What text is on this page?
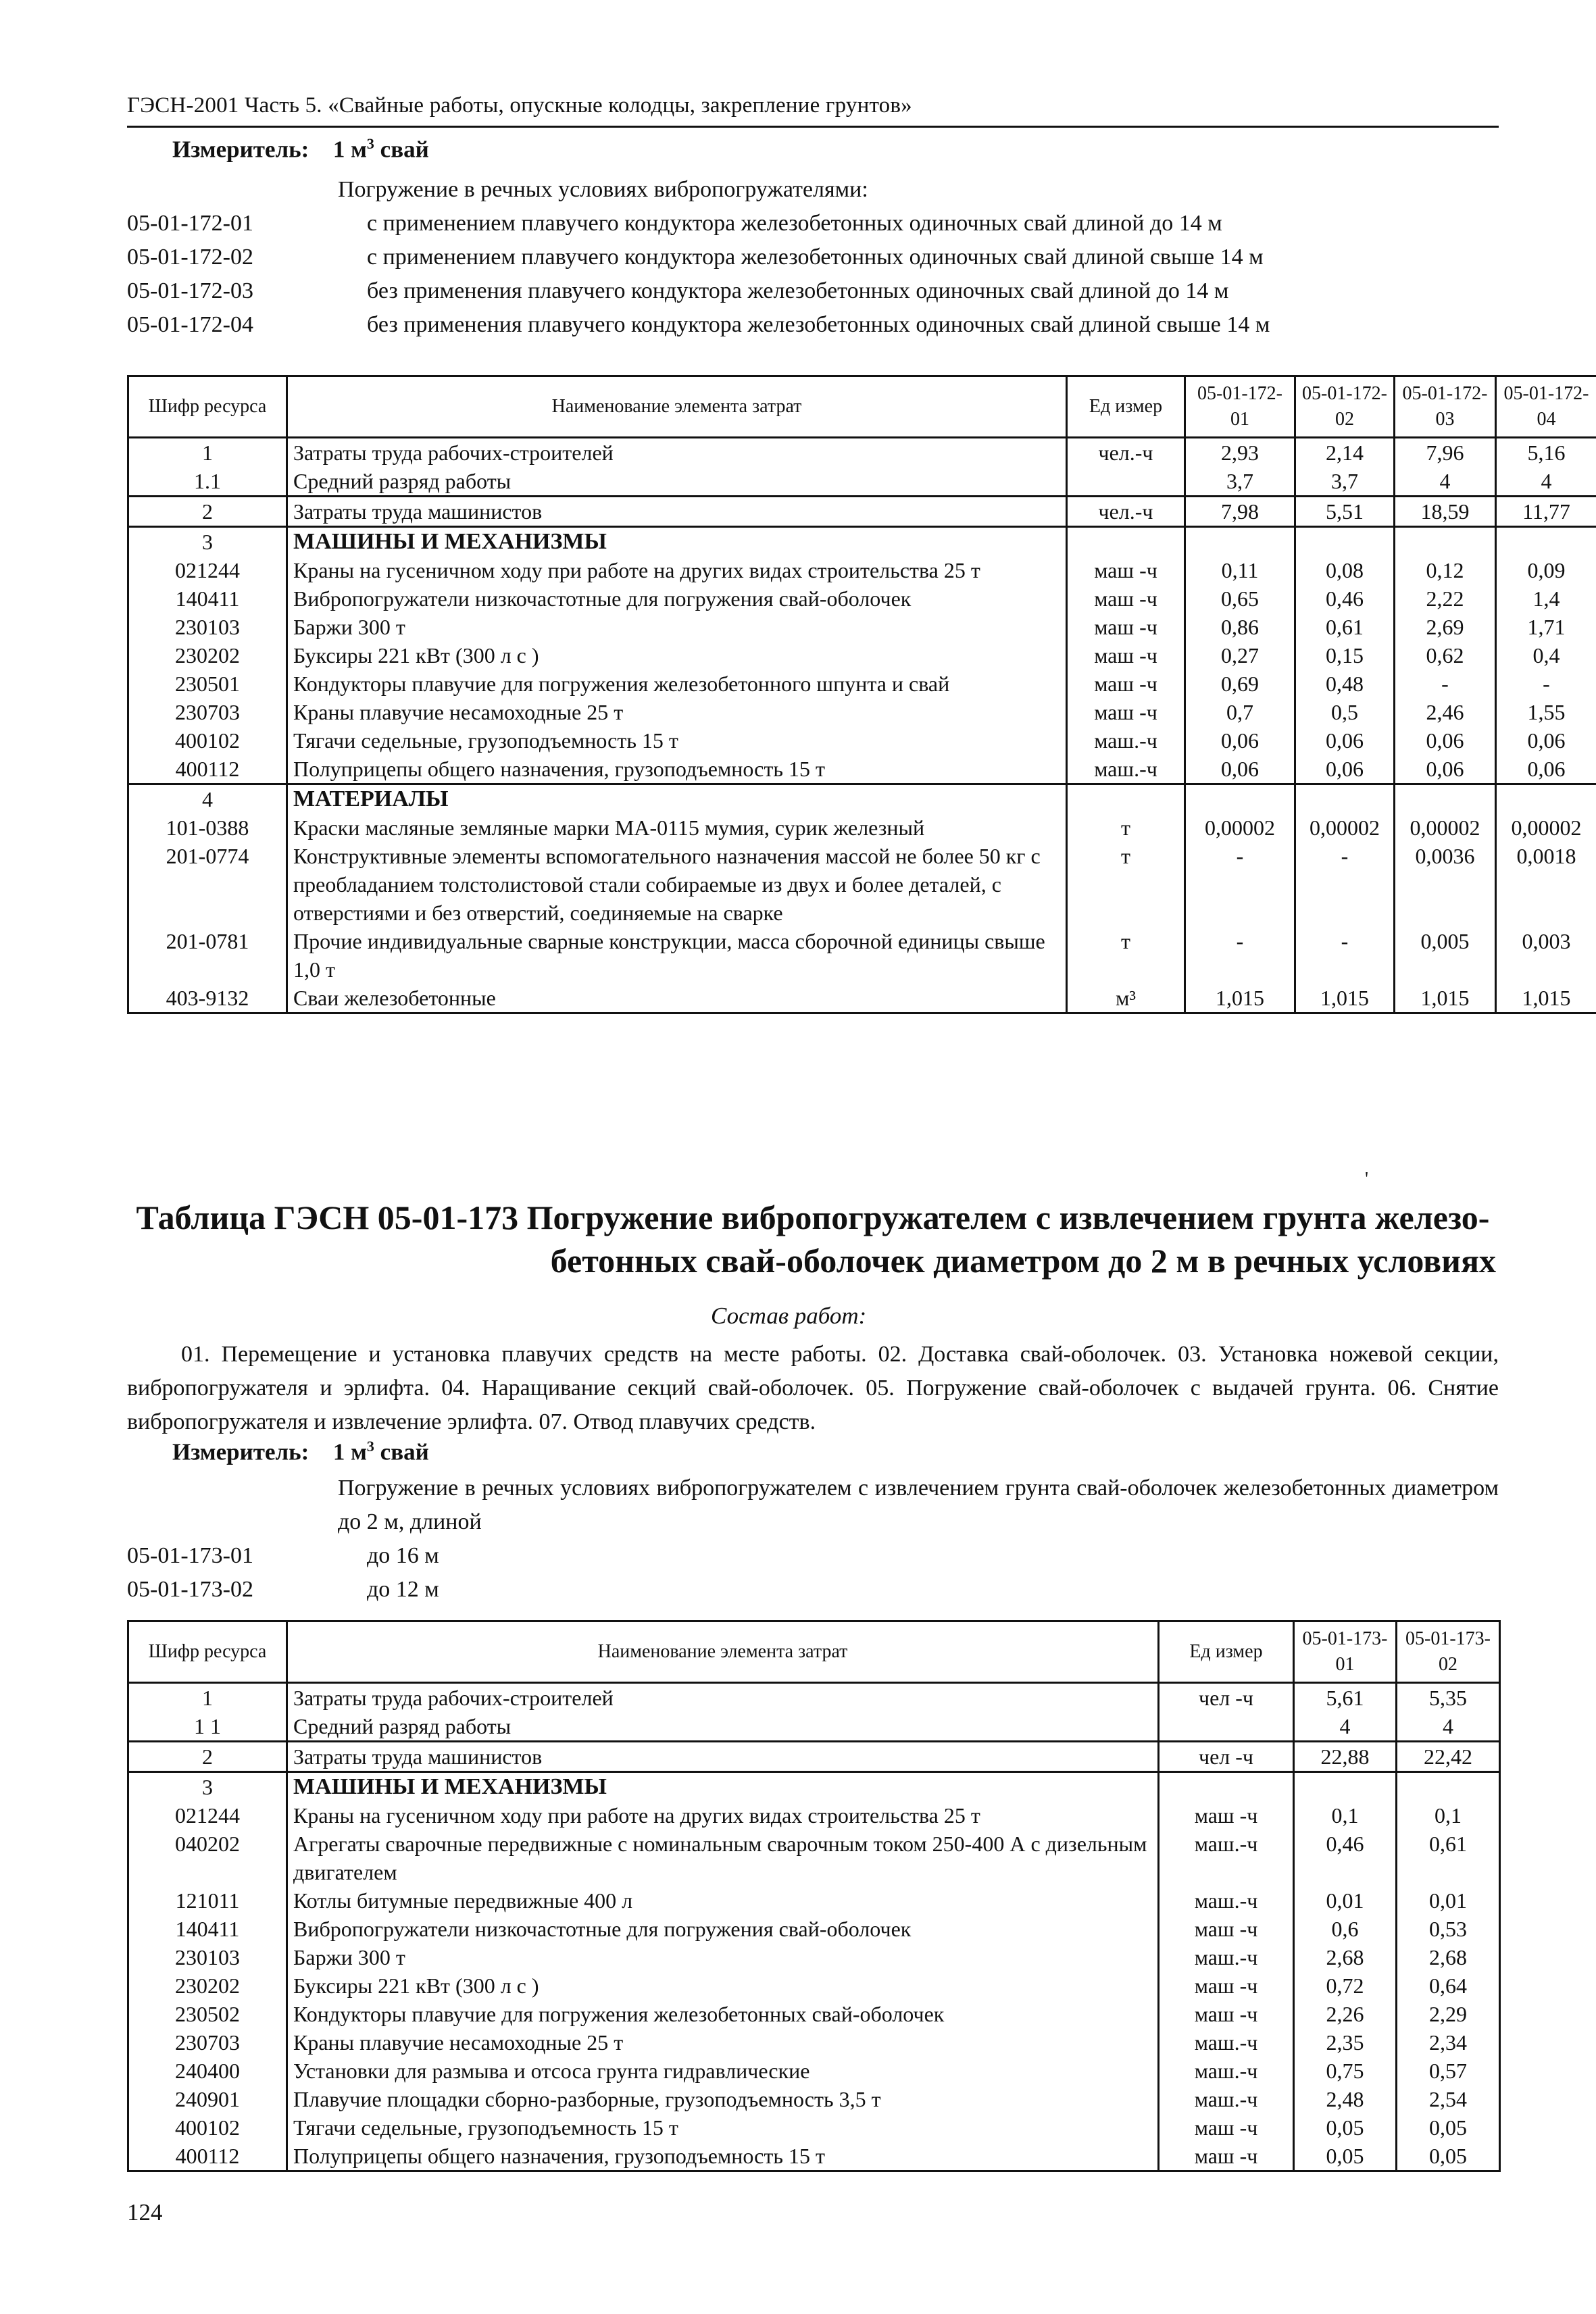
ГЭСН-2001 Часть 5. «Свайные работы, опускные колодцы, закрепление грунтов»
Измеритель: 1 $м^3$ свай
Погружение в речных условиях вибропогружателями:
05-01-172-01	с применением плавучего кондуктора железобетонных одиночных свай длиной до 14 м
05-01-172-02	с применением плавучего кондуктора железобетонных одиночных свай длиной свыше 14 м
05-01-172-03	без применения плавучего кондуктора железобетонных одиночных свай длиной до 14 м
05-01-172-04	без применения плавучего кондуктора железобетонных одиночных свай длиной свыше 14 м
Шифр ресурса	Наименование элемента затрат	Ед измер	05-01-172-01	05-01-172-02	05-01-172-03	05-01-172-04
1	Затраты труда рабочих-строителей	чел.-ч	2,93	2,14	7,96	5,16
1.1	Средний разряд работы		3,7	3,7	4	4
2	Затраты труда машинистов	чел.-ч	7,98	5,51	18,59	11,77
3	МАШИНЫ И МЕХАНИЗМЫ					
021244	Краны на гусеничном ходу при работе на других видах строительства 25 т	маш -ч	0,11	0,08	0,12	0,09
140411	Вибропогружатели низкочастотные для погружения свай-оболочек	маш -ч	0,65	0,46	2,22	1,4
230103	Баржи 300 т	маш -ч	0,86	0,61	2,69	1,71
230202	Буксиры 221 кВт (300 л с )	маш -ч	0,27	0,15	0,62	0,4
230501	Кондукторы плавучие для погружения железобетонного шпунта и свай	маш -ч	0,69	0,48	-	-
230703	Краны плавучие несамоходные 25 т	маш -ч	0,7	0,5	2,46	1,55
400102	Тягачи седельные, грузоподъемность 15 т	маш.-ч	0,06	0,06	0,06	0,06
400112	Полуприцепы общего назначения, грузоподъемность 15 т	маш.-ч	0,06	0,06	0,06	0,06
4	МАТЕРИАЛЫ					
101-0388	Краски масляные земляные марки МА-0115 мумия, сурик железный	т	0,00002	0,00002	0,00002	0,00002
201-0774	Конструктивные элементы вспомогательного назначения массой не более 50 кг с преобладанием толстолистовой стали собираемые из двух и более деталей, с отверстиями и без отверстий, соединяемые на сварке	т	-	-	0,0036	0,0018
201-0781	Прочие индивидуальные сварные конструкции, масса сборочной единицы свыше 1,0 т	т	-	-	0,005	0,003
403-9132	Сваи железобетонные	м³	1,015	1,015	1,015	1,015
'
Таблица ГЭСН 05-01-173 Погружение вибропогружателем с извлечением грунта железо-
бетонных свай-оболочек диаметром до 2 м в речных условиях
Состав работ:
01. Перемещение и установка плавучих средств на месте работы. 02. Доставка свай-оболочек. 03. Установка ножевой секции, вибропогружателя и эрлифта. 04. Наращивание секций свай-оболочек. 05. Погружение свай-оболочек с выдачей грунта. 06. Снятие вибропогружателя и извлечение эрлифта. 07. Отвод плавучих средств.
Измеритель: 1 $м^3$ свай
Погружение в речных условиях вибропогружателем с извлечением грунта свай-оболочек железобетонных диаметром до 2 м, длиной
05-01-173-01	до 16 м
05-01-173-02	до 12 м
Шифр ресурса	Наименование элемента затрат	Ед измер	05-01-173-01	05-01-173-02
1	Затраты труда рабочих-строителей	чел -ч	5,61	5,35
1 1	Средний разряд работы		4	4
2	Затраты труда машинистов	чел -ч	22,88	22,42
3	МАШИНЫ И МЕХАНИЗМЫ			
021244	Краны на гусеничном ходу при работе на других видах строительства 25 т	маш -ч	0,1	0,1
040202	Агрегаты сварочные передвижные с номинальным сварочным током 250-400 А с дизельным двигателем	маш.-ч	0,46	0,61
121011	Котлы битумные передвижные 400 л	маш.-ч	0,01	0,01
140411	Вибропогружатели низкочастотные для погружения свай-оболочек	маш -ч	0,6	0,53
230103	Баржи 300 т	маш.-ч	2,68	2,68
230202	Буксиры 221 кВт (300 л с )	маш -ч	0,72	0,64
230502	Кондукторы плавучие для погружения железобетонных свай-оболочек	маш -ч	2,26	2,29
230703	Краны плавучие несамоходные 25 т	маш.-ч	2,35	2,34
240400	Установки для размыва и отсоса грунта гидравлические	маш.-ч	0,75	0,57
240901	Плавучие площадки сборно-разборные, грузоподъемность 3,5 т	маш.-ч	2,48	2,54
400102	Тягачи седельные, грузоподъемность 15 т	маш -ч	0,05	0,05
400112	Полуприцепы общего назначения, грузоподъемность 15 т	маш -ч	0,05	0,05
124
